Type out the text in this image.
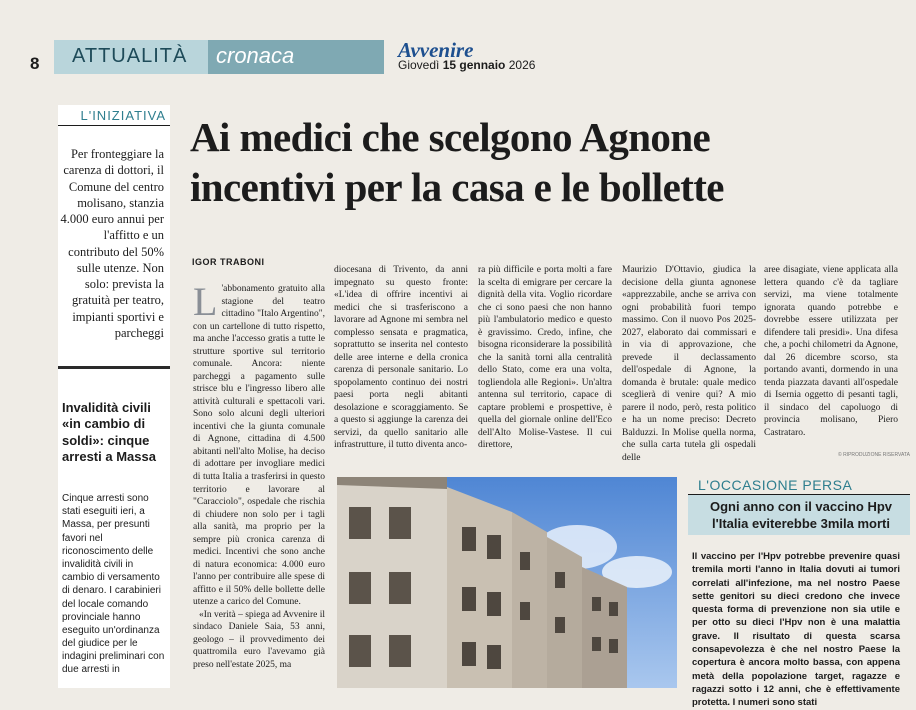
8	ATTUALITÀ	cronaca	Avvenire
Giovedì 15 gennaio 2026
L'INIZIATIVA
Per fronteggiare la carenza di dottori, il Comune del centro molisano, stanzia 4.000 euro annui per l'affitto e un contributo del 50% sulle utenze. Non solo: prevista la gratuità per teatro, impianti sportivi e parcheggi
Invalidità civili «in cambio di soldi»: cinque arresti a Massa
Cinque arresti sono stati eseguiti ieri, a Massa, per presunti favori nel riconoscimento delle invalidità civili in cambio di versamento di denaro. I carabinieri del locale comando provinciale hanno eseguito un'ordinanza del giudice per le indagini preliminari con due arresti in
Ai medici che scelgono Agnone
incentivi per la casa e le bollette
IGOR TRABONI
L 'abbonamento gratuito alla stagione del teatro cittadino "Italo Argentino", con un cartellone di tutto rispetto, ma anche l'accesso gratis a tutte le strutture sportive sul territorio comunale. Ancora: niente parcheggi a pagamento sulle strisce blu e l'ingresso libero alle attività culturali e spettacoli vari. Sono solo alcuni degli ulteriori incentivi che la giunta comunale di Agnone, cittadina di 4.500 abitanti nell'alto Molise, ha deciso di adottare per invogliare medici di tutta Italia a trasferirsi in questo territorio e lavorare al "Caracciolo", ospedale che rischia di chiudere non solo per i tagli alla sanità, ma proprio per la sempre più cronica carenza di medici. Incentivi che sono anche di natura economica: 4.000 euro l'anno per contribuire alle spese di affitto e il 50% delle bollette delle utenze a carico del Comune.
«In verità – spiega ad Avvenire il sindaco Daniele Saia, 53 anni, geologo – il provvedimento dei quattromila euro l'avevamo già preso nell'estate 2025, ma
diocesana di Trivento, da anni impegnato su questo fronte: «L'idea di offrire incentivi ai medici che si trasferiscono a lavorare ad Agnone mi sembra nel complesso sensata e pragmatica, soprattutto se inserita nel contesto delle aree interne e della cronica carenza di personale sanitario. Lo spopolamento continuo dei nostri paesi porta negli abitanti desolazione e scoraggiamento. Se a questo si aggiunge la carenza dei servizi, da quello sanitario alle infrastrutture, il tutto diventa anco-
ra più difficile e porta molti a fare la scelta di emigrare per cercare la dignità della vita. Voglio ricordare che ci sono paesi che non hanno più l'ambulatorio medico e questo è gravissimo. Credo, infine, che bisogna riconsiderare la possibilità che la sanità torni alla centralità dello Stato, come era una volta, togliendola alle Regioni». Un'altra antenna sul territorio, capace di captare problemi e prospettive, è quella del giornale online dell'Eco dell'Alto Molise-Vastese. Il cui direttore,
Maurizio D'Ottavio, giudica la decisione della giunta agnonese «apprezzabile, anche se arriva con ogni probabilità fuori tempo massimo. Con il nuovo Pos 2025-2027, elaborato dai commissari e in via di approvazione, che prevede il declassamento dell'ospedale di Agnone, la domanda è brutale: quale medico sceglierà di venire qui? A mio parere il nodo, però, resta politico e ha un nome preciso: Decreto Balduzzi. In Molise quella norma, che sulla carta tutela gli ospedali delle
aree disagiate, viene applicata alla lettera quando c'è da tagliare servizi, ma viene totalmente ignorata quando potrebbe e dovrebbe essere utilizzata per difendere tali presidi». Una difesa che, a pochi chilometri da Agnone, dal 26 dicembre scorso, sta portando avanti, dormendo in una tenda piazzata davanti all'ospedale di Isernia oggetto di pesanti tagli, il sindaco del capoluogo di provincia molisano, Piero Castrataro.
© RIPRODUZIONE RISERVATA
L'OCCASIONE PERSA
Ogni anno con il vaccino Hpv
l'Italia eviterebbe 3mila morti
Il vaccino per l'Hpv potrebbe prevenire quasi tremila morti l'anno in Italia dovuti ai tumori correlati all'infezione, ma nel nostro Paese sette genitori su dieci credono che invece questa forma di prevenzione non sia utile e per otto su dieci l'Hpv non è una malattia grave. Il risultato di questa scarsa consapevolezza è che nel nostro Paese la copertura è ancora molto bassa, con appena metà della popolazione target, ragazze e ragazzi sotto i 12 anni, che è effettivamente protetta. I numeri sono stati
